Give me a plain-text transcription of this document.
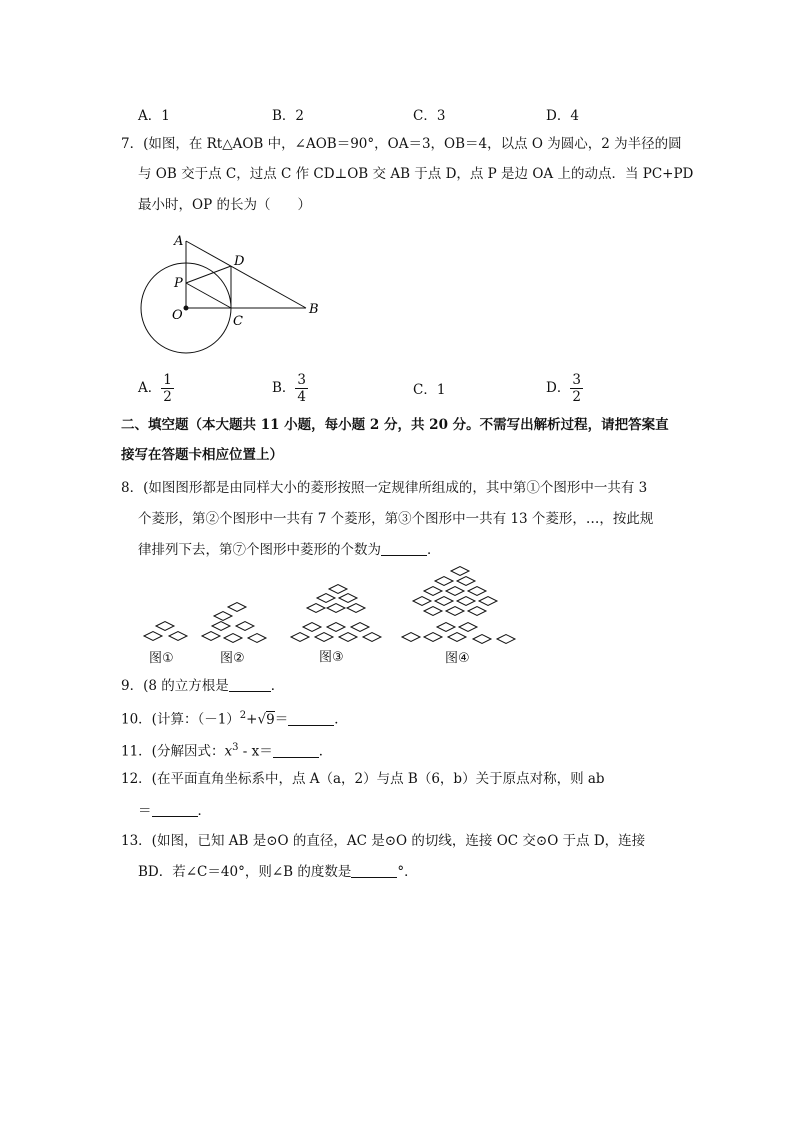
A．1	B．2	C．3	D．4
7．(如图，在 Rt△AOB 中，∠AOB＝90°，OA＝3，OB＝4，以点 O 为圆心，2 为半径的圆
与 OB 交于点 C，过点 C 作 CD⊥OB 交 AB 于点 D，点 P 是边 OA 上的动点．当 PC+PD
最小时，OP 的长为（　　）
A
D
P
O	C
B
A． $\frac{1}{2}$	B． $\frac{3}{4}$	C．1	D． $\frac{3}{2}$
二、填空题（本大题共 11 小题，每小题 2 分，共 20 分。不需写出解析过程，请把答案直
接写在答题卡相应位置上）
8．(如图图形都是由同样大小的菱形按照一定规律所组成的，其中第①个图形中一共有 3
个菱形，第②个图形中一共有 7 个菱形，第③个图形中一共有 13 个菱形，…，按此规
律排列下去，第⑦个图形中菱形的个数为	．
图①	图②	图③	图④
9．(8 的立方根是	．
10．(计算：$(-1)^2+√9=$	．
11．(分解因式：$x^3 - x=$	．
12．(在平面直角坐标系中，点 A（a，2）与点 B（6，b）关于原点对称，则 ab
＝	．
13．(如图，已知 AB 是⊙O 的直径，AC 是⊙O 的切线，连接 OC 交⊙O 于点 D，连接
BD．若∠C＝40°，则∠B 的度数是	°．
